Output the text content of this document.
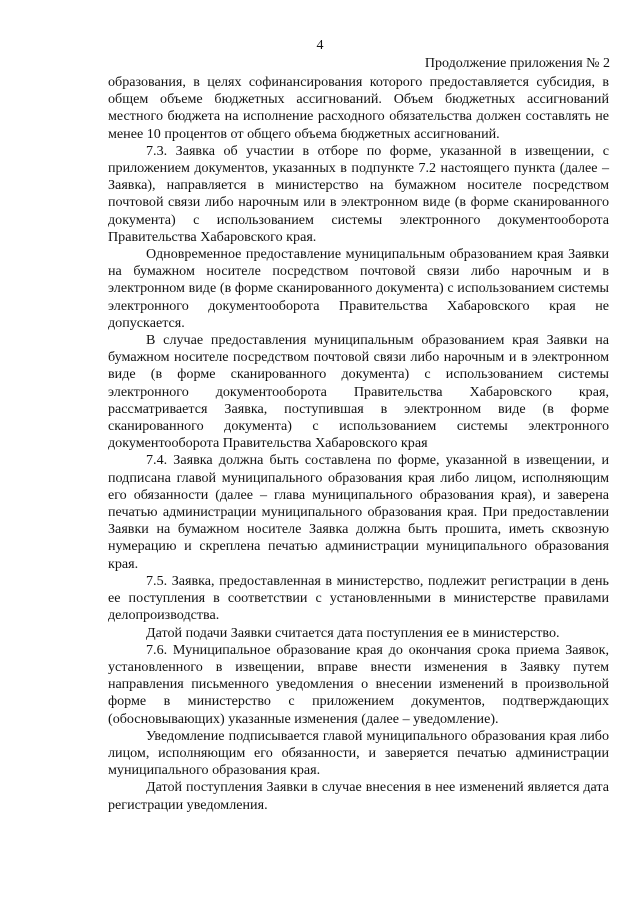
4
Продолжение приложения № 2

образования, в целях софинансирования которого предоставляется субсидия, в общем объеме бюджетных ассигнований. Объем бюджетных ассигнований местного бюджета на исполнение расходного обязательства должен составлять не менее 10 процентов от общего объема бюджетных ассигнований.

7.3. Заявка об участии в отборе по форме, указанной в извещении, с приложением документов, указанных в подпункте 7.2 настоящего пункта (далее – Заявка), направляется в министерство на бумажном носителе посредством почтовой связи либо нарочным или в электронном виде (в форме сканированного документа) с использованием системы электронного документооборота Правительства Хабаровского края.

Одновременное предоставление муниципальным образованием края Заявки на бумажном носителе посредством почтовой связи либо нарочным и в электронном виде (в форме сканированного документа) с использованием системы электронного документооборота Правительства Хабаровского края не допускается.

В случае предоставления муниципальным образованием края Заявки на бумажном носителе посредством почтовой связи либо нарочным и в электронном виде (в форме сканированного документа) с использованием системы электронного документооборота Правительства Хабаровского края, рассматривается Заявка, поступившая в электронном виде (в форме сканированного документа) с использованием системы электронного документооборота Правительства Хабаровского края

7.4. Заявка должна быть составлена по форме, указанной в извещении, и подписана главой муниципального образования края либо лицом, исполняющим его обязанности (далее – глава муниципального образования края), и заверена печатью администрации муниципального образования края. При предоставлении Заявки на бумажном носителе Заявка должна быть прошита, иметь сквозную нумерацию и скреплена печатью администрации муниципального образования края.

7.5. Заявка, предоставленная в министерство, подлежит регистрации в день ее поступления в соответствии с установленными в министерстве правилами делопроизводства.

Датой подачи Заявки считается дата поступления ее в министерство.

7.6. Муниципальное образование края до окончания срока приема Заявок, установленного в извещении, вправе внести изменения в Заявку путем направления письменного уведомления о внесении изменений в произвольной форме в министерство с приложением документов, подтверждающих (обосновывающих) указанные изменения (далее – уведомление).

Уведомление подписывается главой муниципального образования края либо лицом, исполняющим его обязанности, и заверяется печатью администрации муниципального образования края.

Датой поступления Заявки в случае внесения в нее изменений является дата регистрации уведомления.
